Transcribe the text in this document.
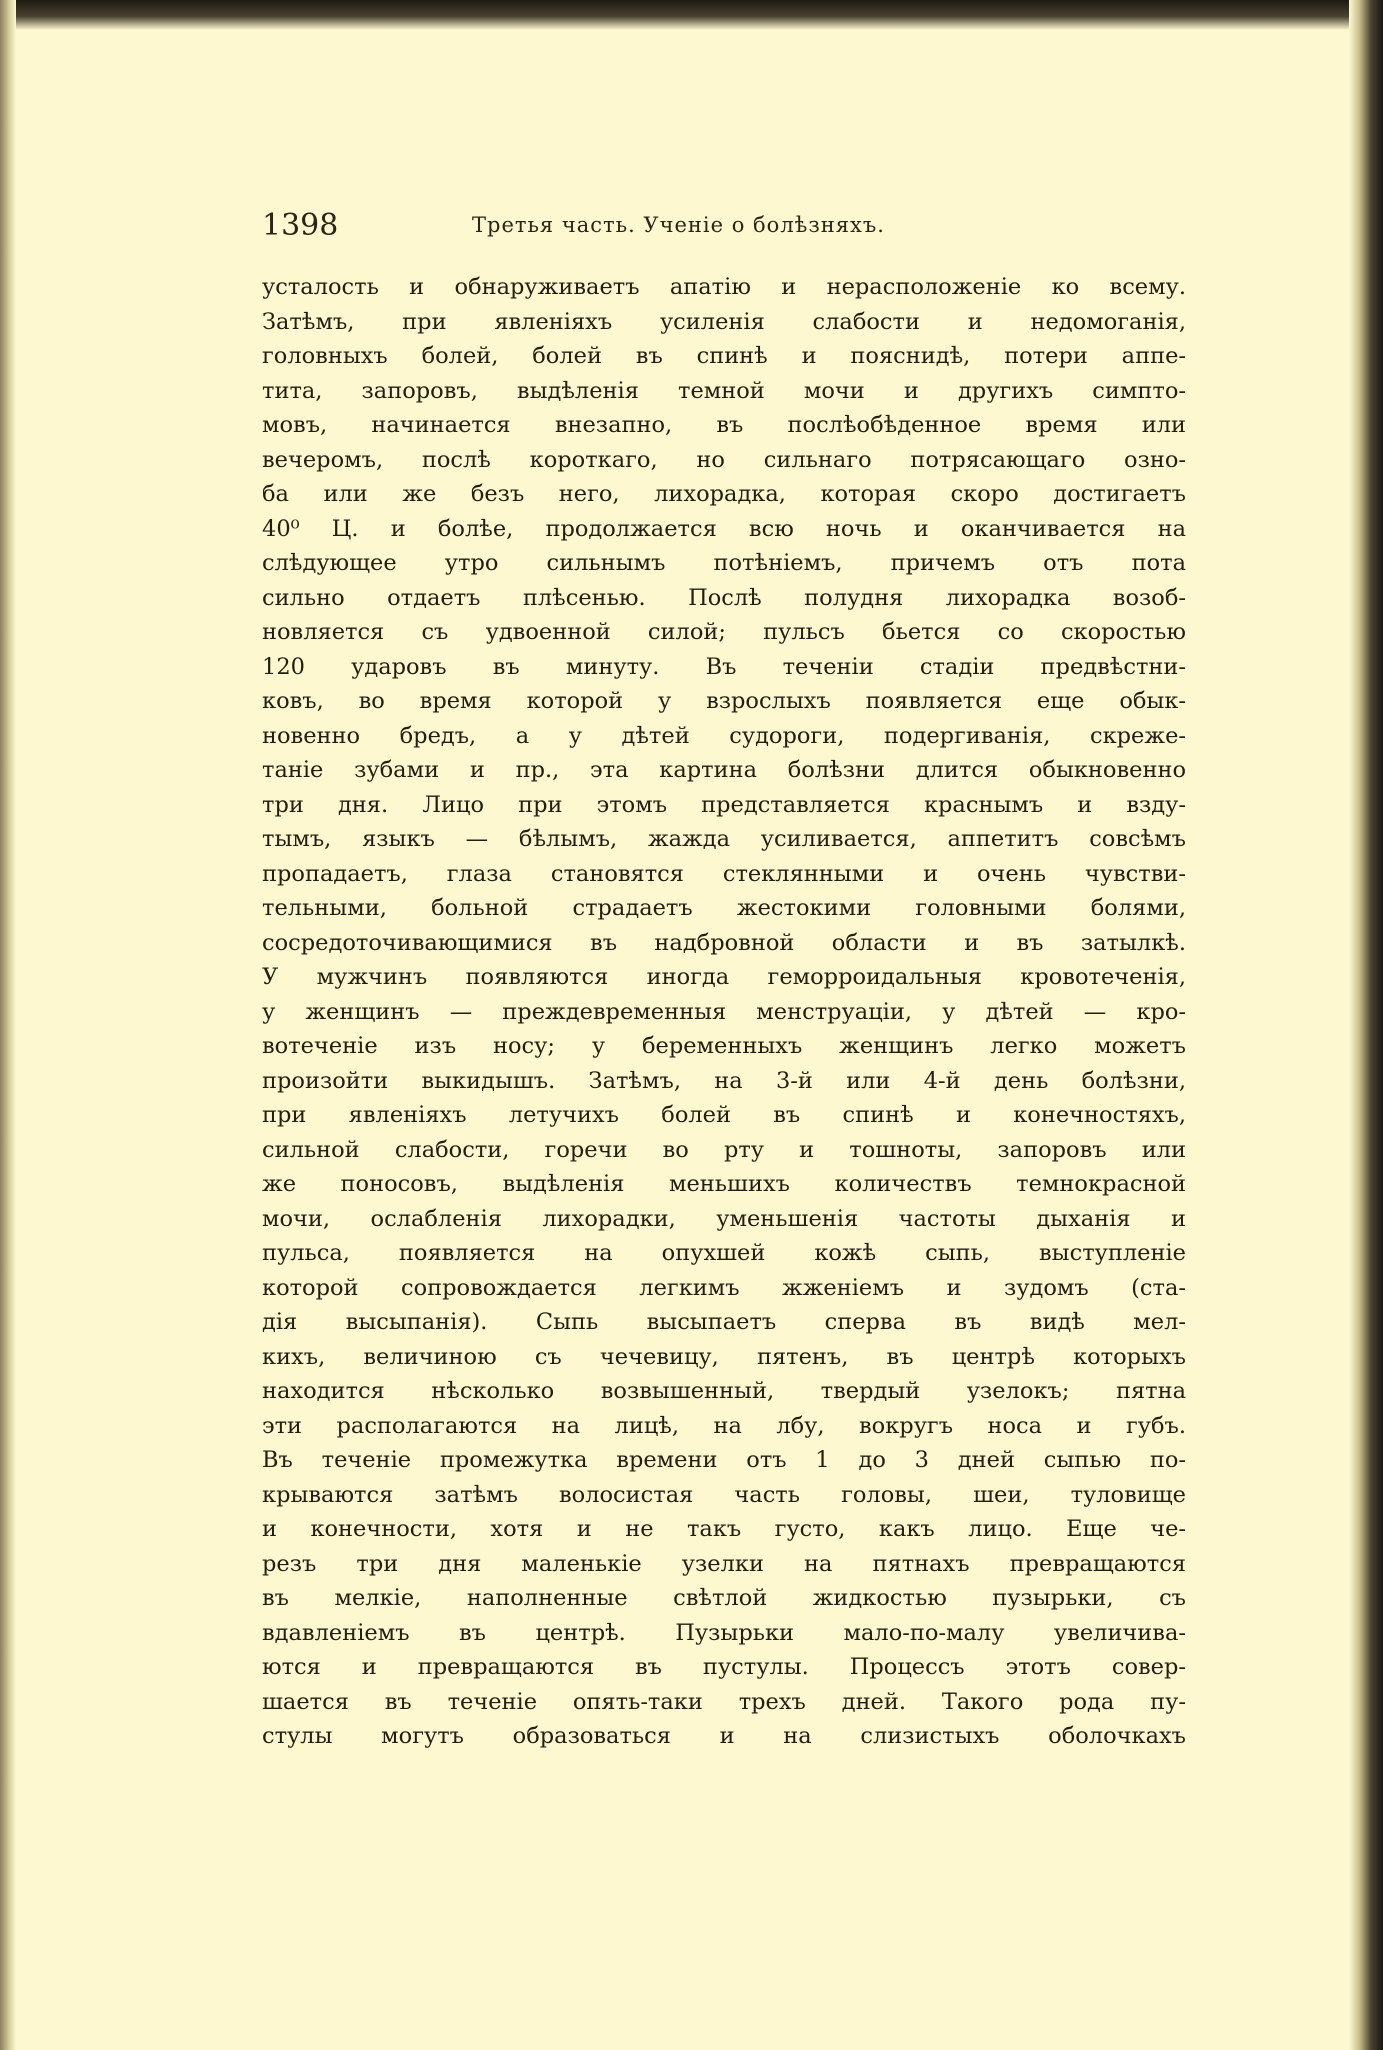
1398	Третья часть. Ученіе о болѣзняхъ.
усталость и обнаруживаетъ апатію и нерасположеніе ко всему.
Затѣмъ, при явленіяхъ усиленія слабости и недомоганія,
головныхъ болей, болей въ спинѣ и пояснидѣ, потери аппе-
тита, запоровъ, выдѣленія темной мочи и другихъ симпто-
мовъ, начинается внезапно, въ послѣобѣденное время или
вечеромъ, послѣ короткаго, но сильнаго потрясающаго озно-
ба или же безъ него, лихорадка, которая скоро достигаетъ
40⁰ Ц. и болѣе, продолжается всю ночь и оканчивается на
слѣдующее утро сильнымъ потѣніемъ, причемъ отъ пота
сильно отдаетъ плѣсенью. Послѣ полудня лихорадка возоб-
новляется съ удвоенной силой; пульсъ бьется со скоростью
120 ударовъ въ минуту. Въ теченіи стадіи предвѣстни-
ковъ, во время которой у взрослыхъ появляется еще обык-
новенно бредъ, а у дѣтей судороги, подергиванія, скреже-
таніе зубами и пр., эта картина болѣзни длится обыкновенно
три дня. Лицо при этомъ представляется краснымъ и взду-
тымъ, языкъ — бѣлымъ, жажда усиливается, аппетитъ совсѣмъ
пропадаетъ, глаза становятся стеклянными и очень чувстви-
тельными, больной страдаетъ жестокими головными болями,
сосредоточивающимися въ надбровной области и въ затылкѣ.
У мужчинъ появляются иногда геморроидальныя кровотеченія,
у женщинъ — преждевременныя менструаціи, у дѣтей — кро-
вотеченіе изъ носу; у беременныхъ женщинъ легко можетъ
произойти выкидышъ. Затѣмъ, на 3-й или 4-й день болѣзни,
при явленіяхъ летучихъ болей въ спинѣ и конечностяхъ,
сильной слабости, горечи во рту и тошноты, запоровъ или
же поносовъ, выдѣленія меньшихъ количествъ темнокрасной
мочи, ослабленія лихорадки, уменьшенія частоты дыханія и
пульса, появляется на опухшей кожѣ сыпь, выступленіе
которой сопровождается легкимъ жженіемъ и зудомъ (ста-
дія высыпанія). Сыпь высыпаетъ сперва въ видѣ мел-
кихъ, величиною съ чечевицу, пятенъ, въ центрѣ которыхъ
находится нѣсколько возвышенный, твердый узелокъ; пятна
эти располагаются на лицѣ, на лбу, вокругъ носа и губъ.
Въ теченіе промежутка времени отъ 1 до 3 дней сыпью по-
крываются затѣмъ волосистая часть головы, шеи, туловище
и конечности, хотя и не такъ густо, какъ лицо. Еще че-
резъ три дня маленькіе узелки на пятнахъ превращаются
въ мелкіе, наполненные свѣтлой жидкостью пузырьки, съ
вдавленіемъ въ центрѣ. Пузырьки мало-по-малу увеличива-
ются и превращаются въ пустулы. Процессъ этотъ совер-
шается въ теченіе опять-таки трехъ дней. Такого рода пу-
стулы могутъ образоваться и на слизистыхъ оболочкахъ
